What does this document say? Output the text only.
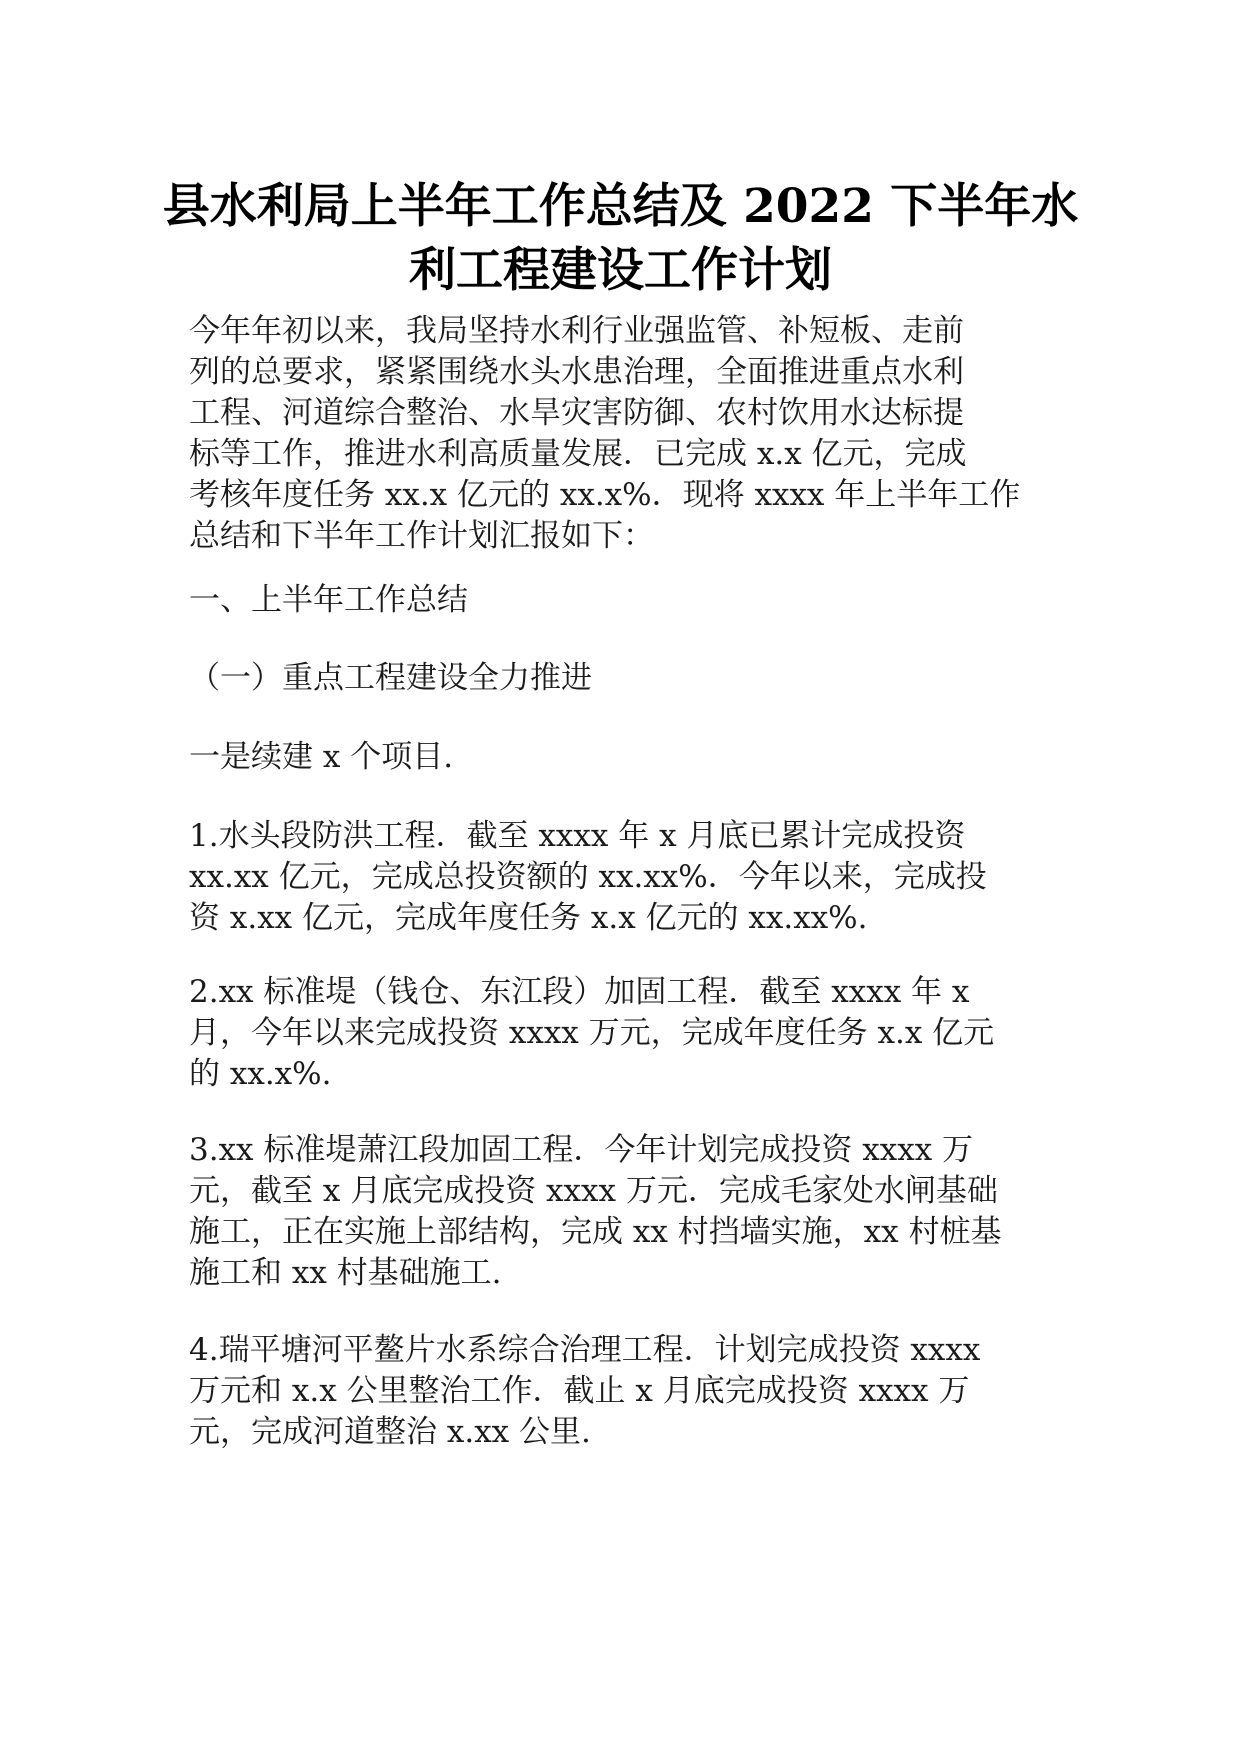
县水利局上半年工作总结及 2022 下半年水
利工程建设工作计划

今年年初以来，我局坚持水利行业强监管、补短板、走前
列的总要求，紧紧围绕水头水患治理，全面推进重点水利
工程、河道综合整治、水旱灾害防御、农村饮用水达标提
标等工作，推进水利高质量发展．已完成 x.x 亿元，完成
考核年度任务 xx.x 亿元的 xx.x%．现将 xxxx 年上半年工作
总结和下半年工作计划汇报如下：

一、上半年工作总结

（一）重点工程建设全力推进

一是续建 x 个项目.

1.水头段防洪工程．截至 xxxx 年 x 月底已累计完成投资
xx.xx 亿元，完成总投资额的 xx.xx%．今年以来，完成投
资 x.xx 亿元，完成年度任务 x.x 亿元的 xx.xx%.

2.xx 标准堤（钱仓、东江段）加固工程．截至 xxxx 年 x
月，今年以来完成投资 xxxx 万元，完成年度任务 x.x 亿元
的 xx.x%.

3.xx 标准堤萧江段加固工程．今年计划完成投资 xxxx 万
元，截至 x 月底完成投资 xxxx 万元．完成毛家处水闸基础
施工，正在实施上部结构，完成 xx 村挡墙实施，xx 村桩基
施工和 xx 村基础施工.

4.瑞平塘河平鳌片水系综合治理工程．计划完成投资 xxxx
万元和 x.x 公里整治工作．截止 x 月底完成投资 xxxx 万
元，完成河道整治 x.xx 公里.
